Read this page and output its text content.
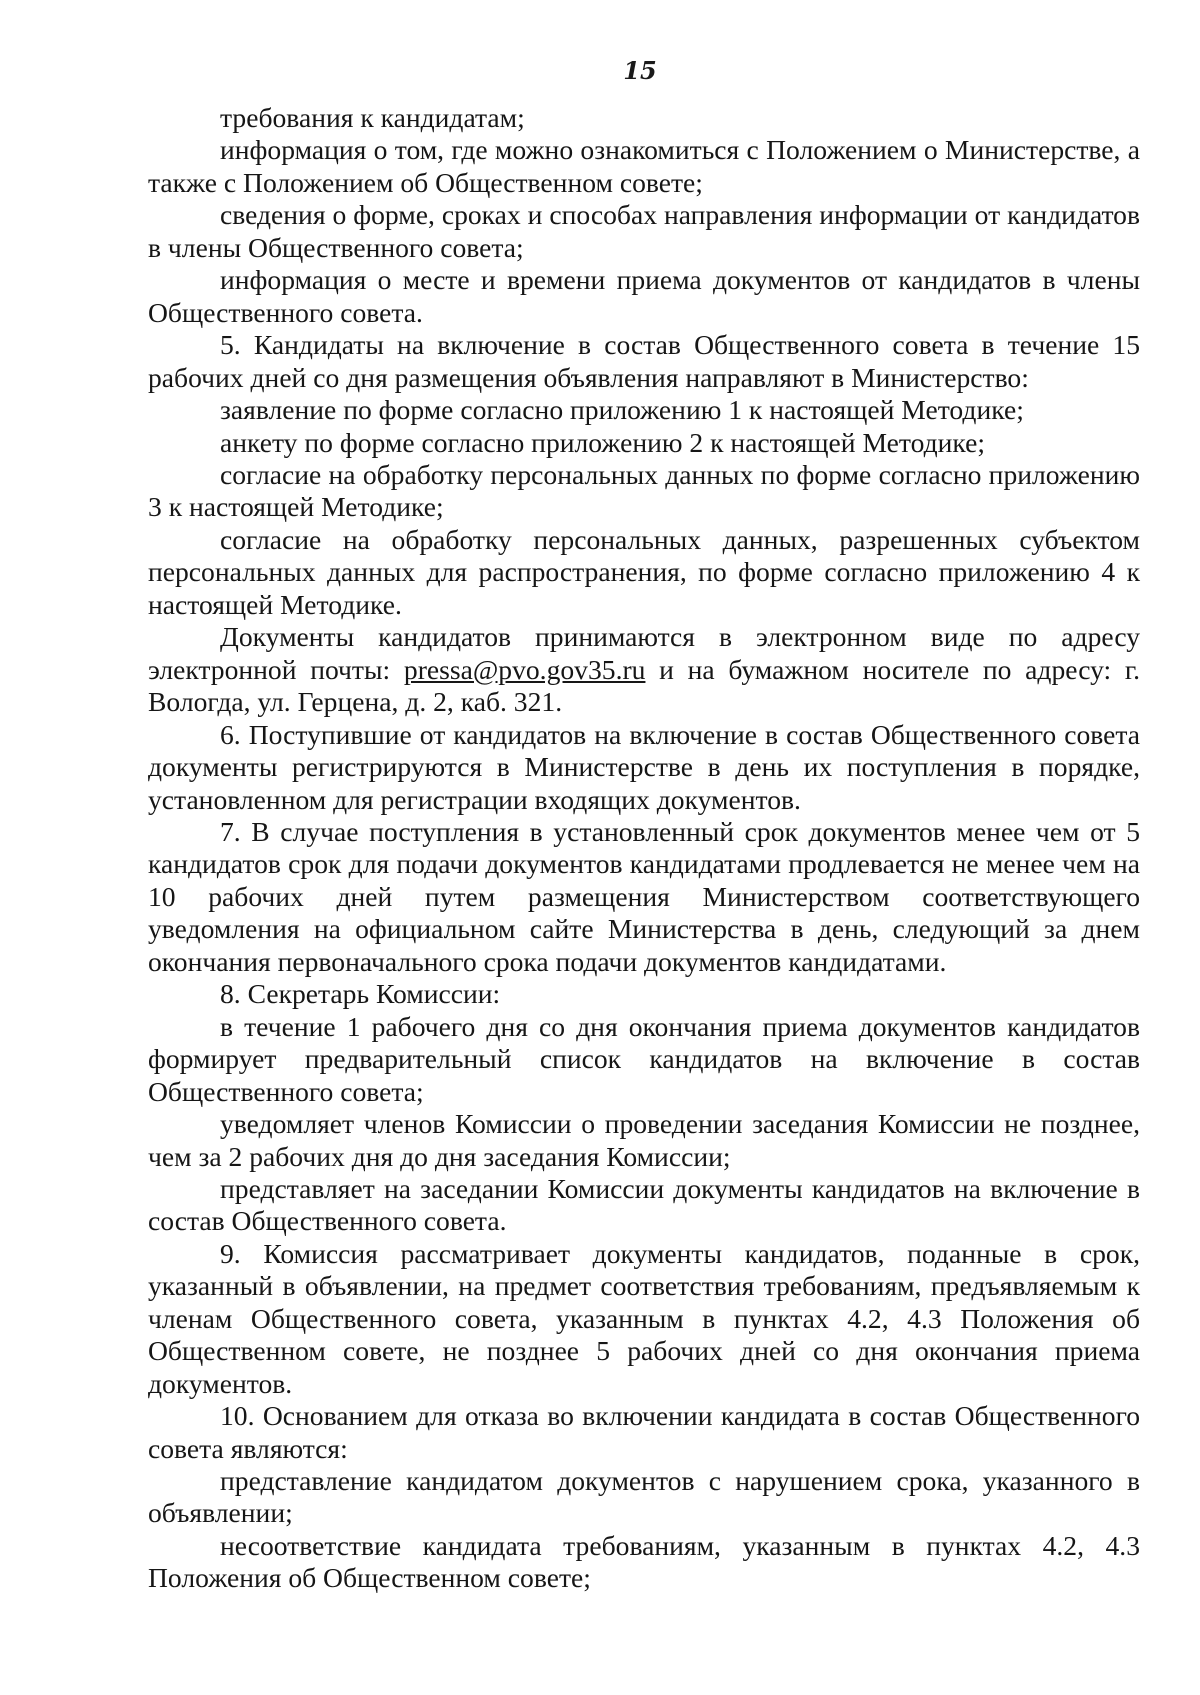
15

требования к кандидатам;

информация о том, где можно ознакомиться с Положением о Министерстве, а также с Положением об Общественном совете;

сведения о форме, сроках и способах направления информации от кандидатов в члены Общественного совета;

информация о месте и времени приема документов от кандидатов в члены Общественного совета.

5. Кандидаты на включение в состав Общественного совета в течение 15 рабочих дней со дня размещения объявления направляют в Министерство:

заявление по форме согласно приложению 1 к настоящей Методике;

анкету по форме согласно приложению 2 к настоящей Методике;

согласие на обработку персональных данных по форме согласно приложению 3 к настоящей Методике;

согласие на обработку персональных данных, разрешенных субъектом персональных данных для распространения, по форме согласно приложению 4 к настоящей Методике.

Документы кандидатов принимаются в электронном виде по адресу электронной почты: pressa@pvo.gov35.ru и на бумажном носителе по адресу: г. Вологда, ул. Герцена, д. 2, каб. 321.

6. Поступившие от кандидатов на включение в состав Общественного совета документы регистрируются в Министерстве в день их поступления в порядке, установленном для регистрации входящих документов.

7. В случае поступления в установленный срок документов менее чем от 5 кандидатов срок для подачи документов кандидатами продлевается не менее чем на 10 рабочих дней путем размещения Министерством соответствующего уведомления на официальном сайте Министерства в день, следующий за днем окончания первоначального срока подачи документов кандидатами.

8. Секретарь Комиссии:

в течение 1 рабочего дня со дня окончания приема документов кандидатов формирует предварительный список кандидатов на включение в состав Общественного совета;

уведомляет членов Комиссии о проведении заседания Комиссии не позднее, чем за 2 рабочих дня до дня заседания Комиссии;

представляет на заседании Комиссии документы кандидатов на включение в состав Общественного совета.

9. Комиссия рассматривает документы кандидатов, поданные в срок, указанный в объявлении, на предмет соответствия требованиям, предъявляемым к членам Общественного совета, указанным в пунктах 4.2, 4.3 Положения об Общественном совете, не позднее 5 рабочих дней со дня окончания приема документов.

10. Основанием для отказа во включении кандидата в состав Общественного совета являются:

представление кандидатом документов с нарушением срока, указанного в объявлении;

несоответствие кандидата требованиям, указанным в пунктах 4.2, 4.3 Положения об Общественном совете;
